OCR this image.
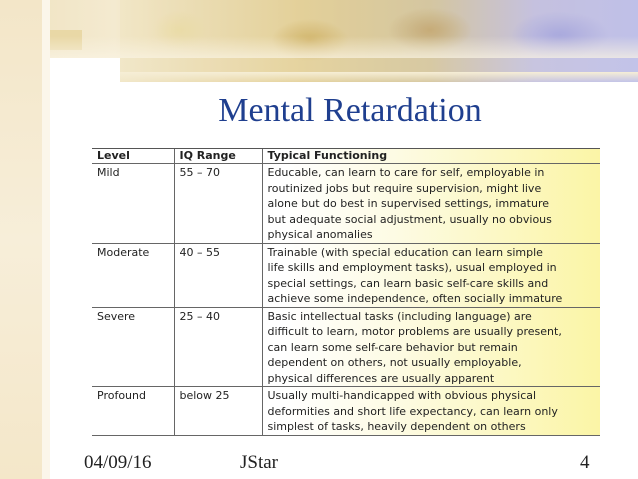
Mental Retardation
Level	IQ Range	Typical Functioning
Mild	55 – 70	Educable, can learn to care for self, employable in
routinized jobs but require supervision, might live
alone but do best in supervised settings, immature
but adequate social adjustment, usually no obvious
physical anomalies
Moderate	40 – 55	Trainable (with special education can learn simple
life skills and employment tasks), usual employed in
special settings, can learn basic self-care skills and
achieve some independence, often socially immature
Severe	25 – 40	Basic intellectual tasks (including language) are
difficult to learn, motor problems are usually present,
can learn some self-care behavior but remain
dependent on others, not usually employable,
physical differences are usually apparent
Profound	below 25	Usually multi-handicapped with obvious physical
deformities and short life expectancy, can learn only
simplest of tasks, heavily dependent on others
04/09/16	JStar	4
